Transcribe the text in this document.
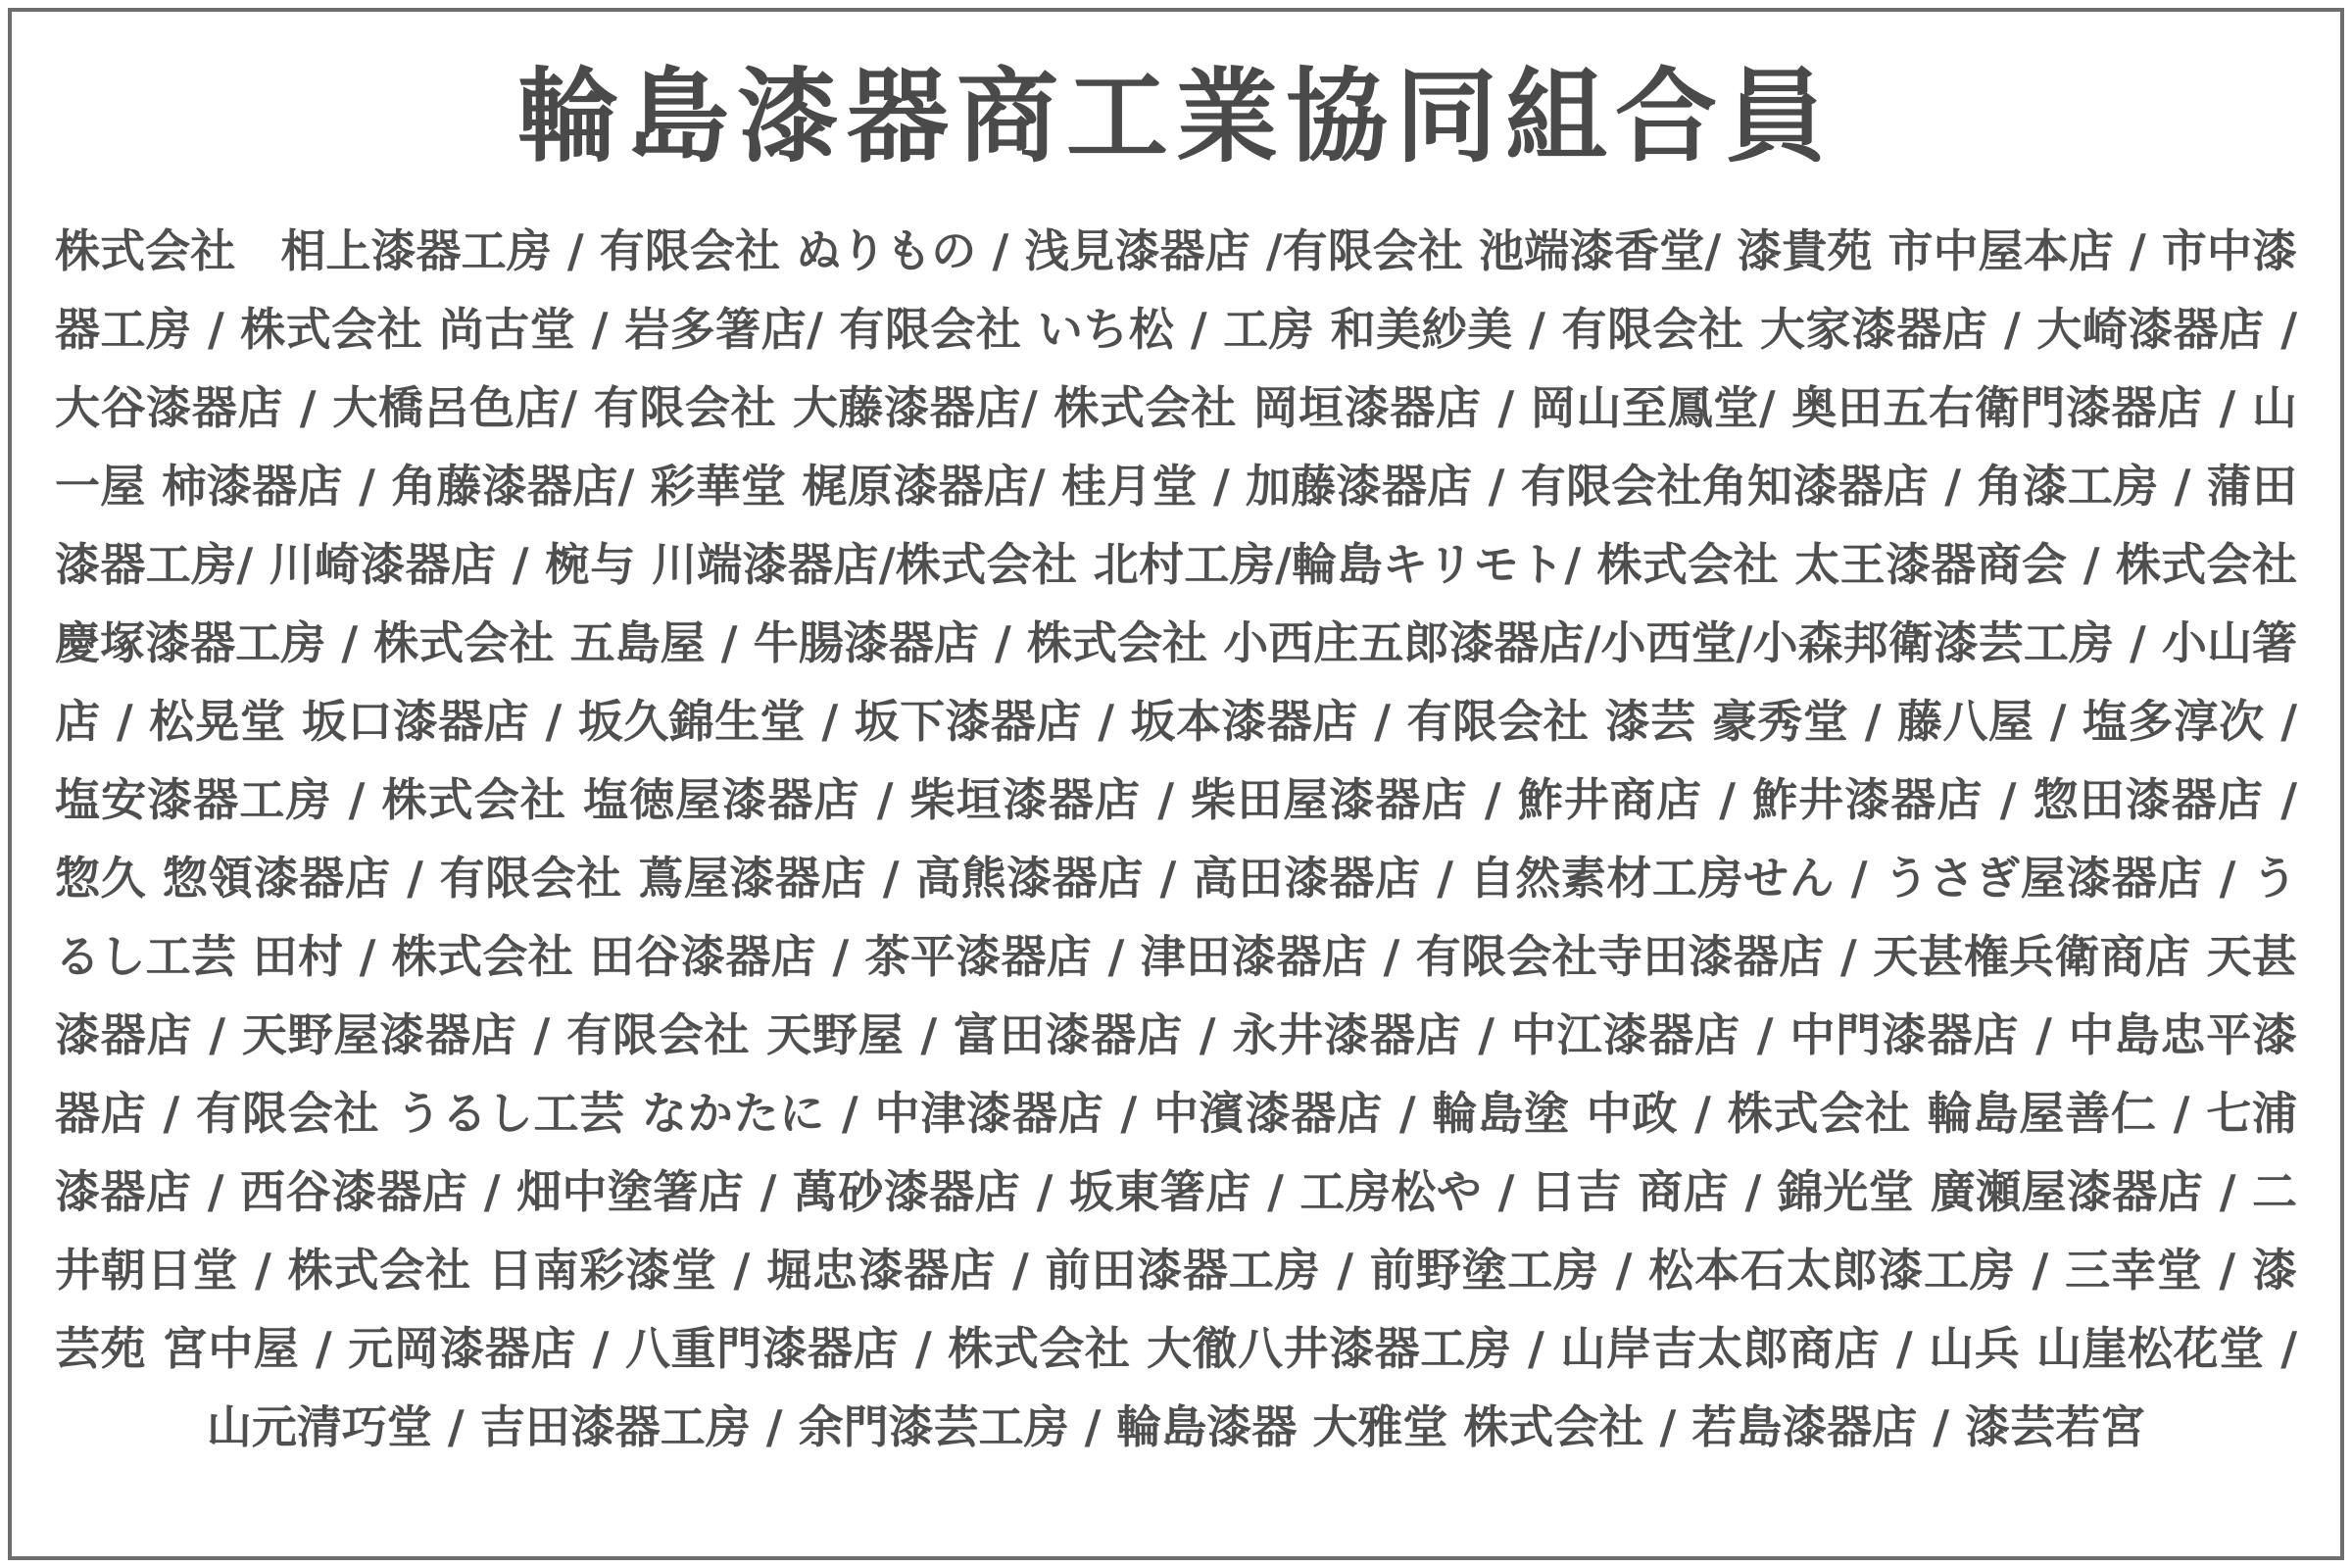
輪島漆器商工業協同組合員

株式会社　相上漆器工房 / 有限会社 ぬりもの / 浅見漆器店 /有限会社 池端漆香堂/ 漆貴苑 市中屋本店 / 市中漆器工房 / 株式会社 尚古堂 / 岩多箸店/ 有限会社 いち松 / 工房 和美紗美 / 有限会社 大家漆器店 / 大崎漆器店 / 大谷漆器店 / 大橋呂色店/ 有限会社 大藤漆器店/ 株式会社 岡垣漆器店 / 岡山至鳳堂/ 奥田五右衛門漆器店 / 山一屋 柿漆器店 / 角藤漆器店/ 彩華堂 梶原漆器店/ 桂月堂 / 加藤漆器店 / 有限会社角知漆器店 / 角漆工房 / 蒲田漆器工房/ 川崎漆器店 / 椀与 川端漆器店/株式会社 北村工房/輪島キリモト/ 株式会社 太王漆器商会 / 株式会社 慶塚漆器工房 / 株式会社 五島屋 / 牛腸漆器店 / 株式会社 小西庄五郎漆器店/小西堂/小森邦衛漆芸工房 / 小山箸店 / 松晃堂 坂口漆器店 / 坂久錦生堂 / 坂下漆器店 / 坂本漆器店 / 有限会社 漆芸 豪秀堂 / 藤八屋 / 塩多淳次 / 塩安漆器工房 / 株式会社 塩徳屋漆器店 / 柴垣漆器店 / 柴田屋漆器店 / 鮓井商店 / 鮓井漆器店 / 惣田漆器店 / 惣久 惣領漆器店 / 有限会社 蔦屋漆器店 / 高熊漆器店 / 高田漆器店 / 自然素材工房せん / うさぎ屋漆器店 / うるし工芸 田村 / 株式会社 田谷漆器店 / 茶平漆器店 / 津田漆器店 / 有限会社寺田漆器店 / 天甚権兵衛商店 天甚漆器店 / 天野屋漆器店 / 有限会社 天野屋 / 富田漆器店 / 永井漆器店 / 中江漆器店 / 中門漆器店 / 中島忠平漆器店 / 有限会社 うるし工芸 なかたに / 中津漆器店 / 中濱漆器店 / 輪島塗 中政 / 株式会社 輪島屋善仁 / 七浦漆器店 / 西谷漆器店 / 畑中塗箸店 / 萬砂漆器店 / 坂東箸店 / 工房松や / 日吉 商店 / 錦光堂 廣瀬屋漆器店 / 二井朝日堂 / 株式会社 日南彩漆堂 / 堀忠漆器店 / 前田漆器工房 / 前野塗工房 / 松本石太郎漆工房 / 三幸堂 / 漆芸苑 宮中屋 / 元岡漆器店 / 八重門漆器店 / 株式会社 大徹八井漆器工房 / 山岸吉太郎商店 / 山兵 山崖松花堂 / 山元清巧堂 / 吉田漆器工房 / 余門漆芸工房 / 輪島漆器 大雅堂 株式会社 / 若島漆器店 / 漆芸若宮
